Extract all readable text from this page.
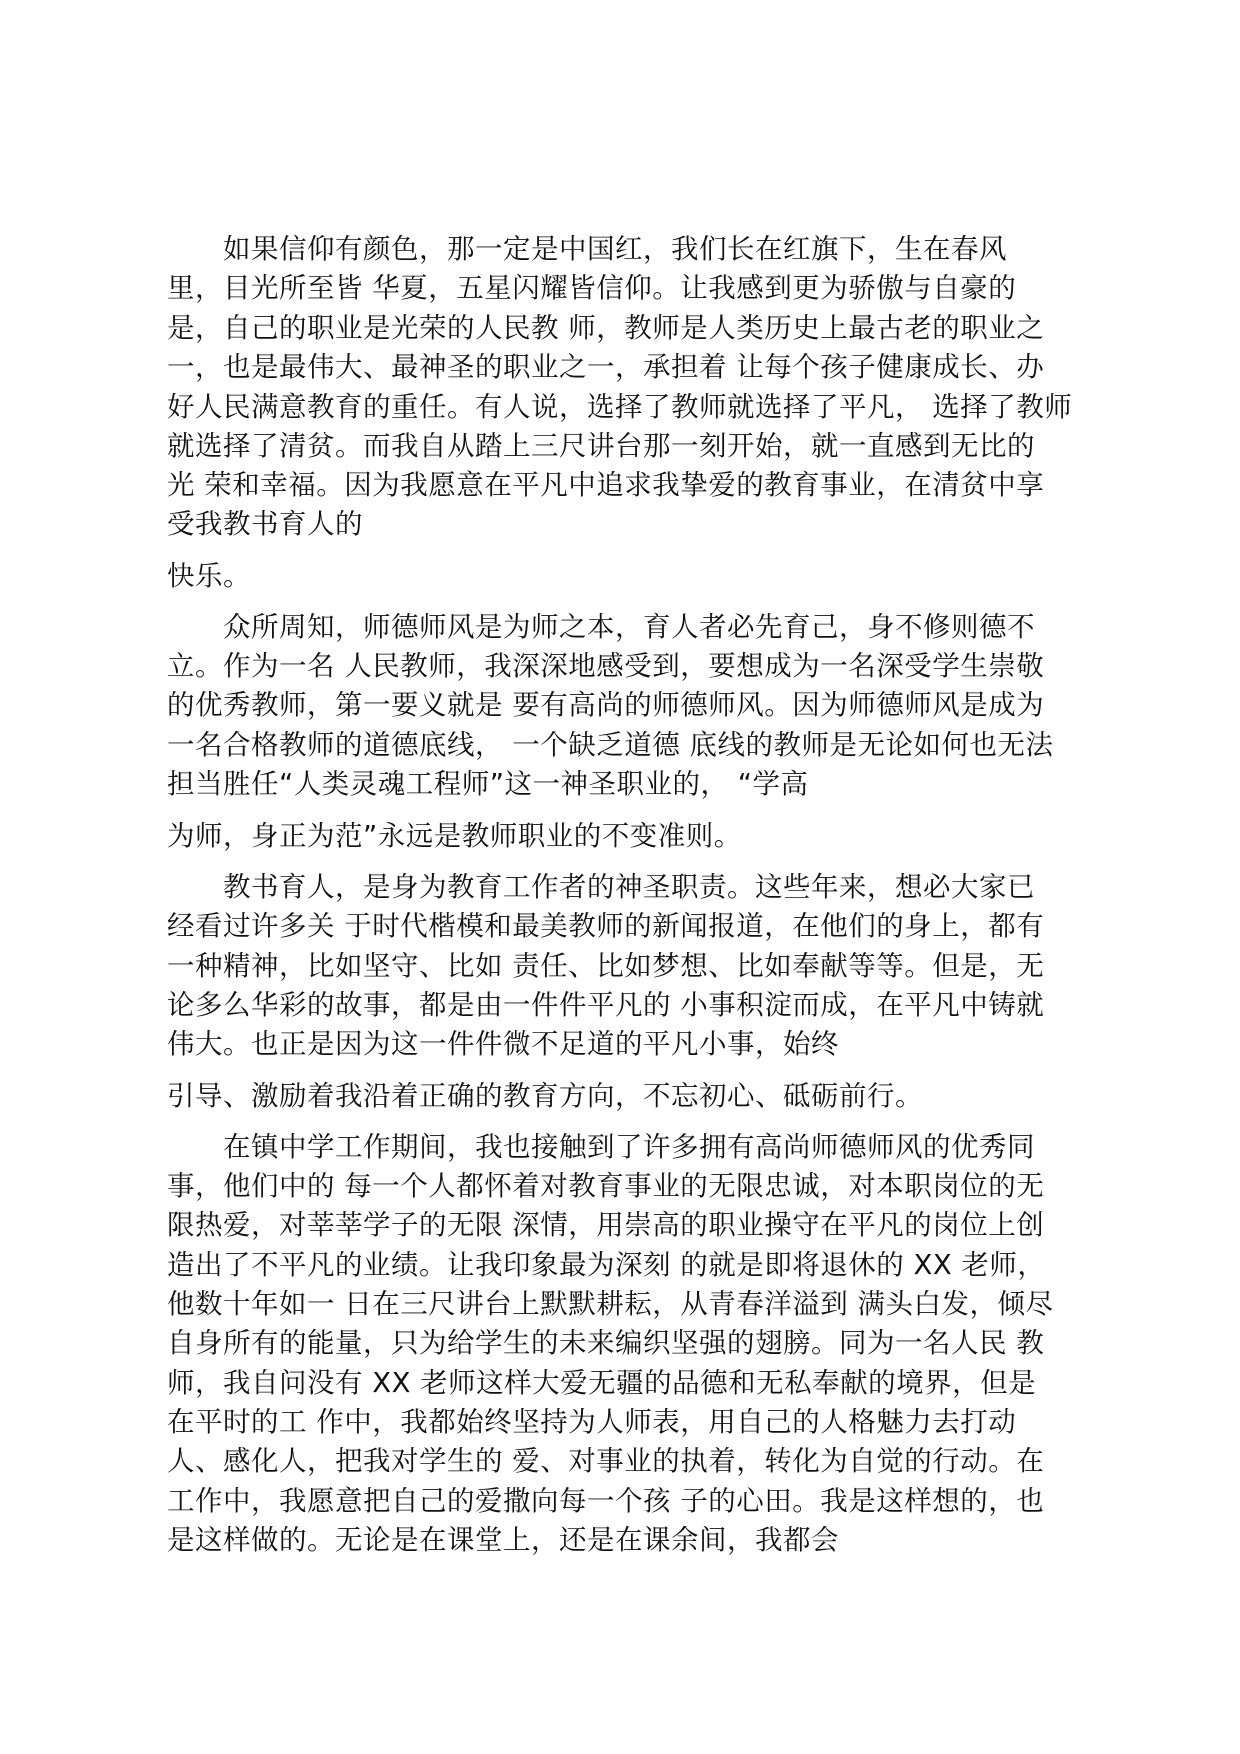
　　如果信仰有颜色，那一定是中国红，我们长在红旗下，生在春风
里，目光所至皆 华夏，五星闪耀皆信仰。让我感到更为骄傲与自豪的
是，自己的职业是光荣的人民教 师，教师是人类历史上最古老的职业之
一，也是最伟大、最神圣的职业之一，承担着 让每个孩子健康成长、办
好人民满意教育的重任。有人说，选择了教师就选择了平凡， 选择了教师
就选择了清贫。而我自从踏上三尺讲台那一刻开始，就一直感到无比的
光 荣和幸福。因为我愿意在平凡中追求我挚爱的教育事业，在清贫中享
受我教书育人的
快乐。
　　众所周知，师德师风是为师之本，育人者必先育己，身不修则德不
立。作为一名 人民教师，我深深地感受到，要想成为一名深受学生崇敬
的优秀教师，第一要义就是 要有高尚的师德师风。因为师德师风是成为
一名合格教师的道德底线， 一个缺乏道德 底线的教师是无论如何也无法
担当胜任“人类灵魂工程师”这一神圣职业的， “学高
为师，身正为范”永远是教师职业的不变准则。
　　教书育人，是身为教育工作者的神圣职责。这些年来，想必大家已
经看过许多关 于时代楷模和最美教师的新闻报道，在他们的身上，都有
一种精神，比如坚守、比如 责任、比如梦想、比如奉献等等。但是，无
论多么华彩的故事，都是由一件件平凡的 小事积淀而成，在平凡中铸就
伟大。也正是因为这一件件微不足道的平凡小事，始终
引导、激励着我沿着正确的教育方向，不忘初心、砥砺前行。
　　在镇中学工作期间，我也接触到了许多拥有高尚师德师风的优秀同
事，他们中的 每一个人都怀着对教育事业的无限忠诚，对本职岗位的无
限热爱，对莘莘学子的无限 深情，用崇高的职业操守在平凡的岗位上创
造出了不平凡的业绩。让我印象最为深刻 的就是即将退休的 XX 老师，
他数十年如一 日在三尺讲台上默默耕耘，从青春洋溢到 满头白发，倾尽
自身所有的能量，只为给学生的未来编织坚强的翅膀。同为一名人民 教
师，我自问没有 XX 老师这样大爱无疆的品德和无私奉献的境界，但是
在平时的工 作中，我都始终坚持为人师表，用自己的人格魅力去打动
人、感化人，把我对学生的 爱、对事业的执着，转化为自觉的行动。在
工作中，我愿意把自己的爱撒向每一个孩 子的心田。我是这样想的，也
是这样做的。无论是在课堂上，还是在课余间，我都会
